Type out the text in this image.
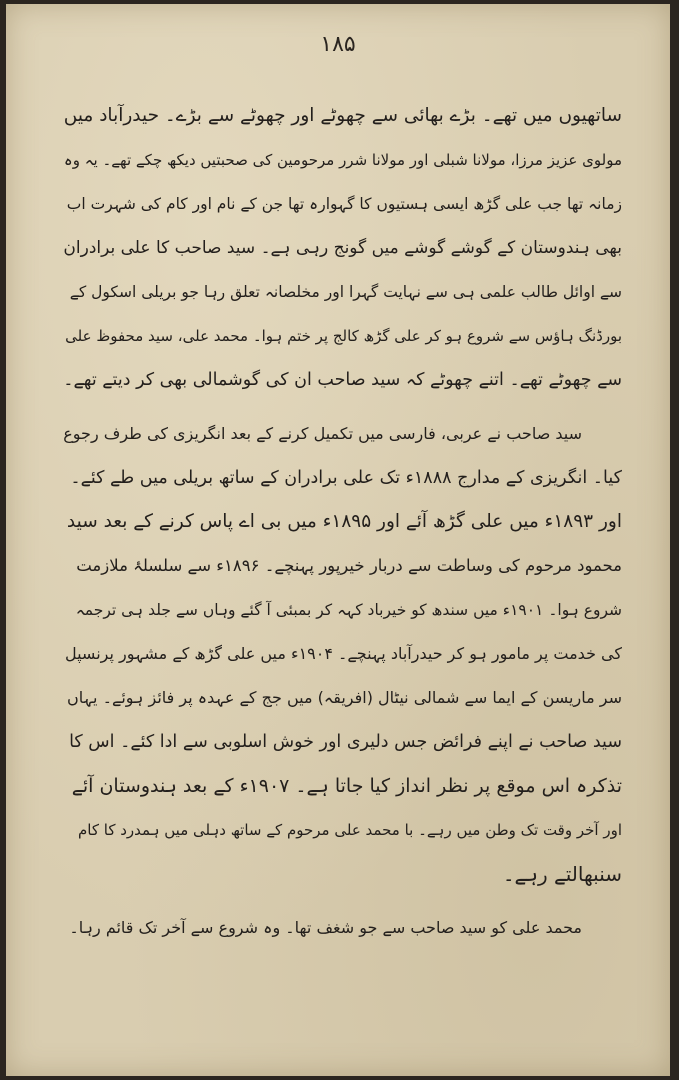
۱۸۵
ساتھیوں میں تھے۔ بڑے بھائی سے چھوٹے اور چھوٹے سے بڑے۔ حیدرآباد میں
مولوی عزیز مرزا، مولانا شبلی اور مولانا شرر مرحومین کی صحبتیں دیکھ چکے تھے۔ یہ وہ
زمانہ تھا جب علی گڑھ ایسی ہستیوں کا گہوارہ تھا جن کے نام اور کام کی شہرت اب
بھی ہندوستان کے گوشے گوشے میں گونج رہی ہے۔ سید صاحب کا علی برادران
سے اوائل طالب علمی ہی سے نہایت گہرا اور مخلصانہ تعلق رہا جو بریلی اسکول کے
بورڈنگ ہاؤس سے شروع ہو کر علی گڑھ کالج پر ختم ہوا۔ محمد علی، سید محفوظ علی
سے چھوٹے تھے۔ اتنے چھوٹے کہ سید صاحب ان کی گوشمالی بھی کر دیتے تھے۔
سید صاحب نے عربی، فارسی میں تکمیل کرنے کے بعد انگریزی کی طرف رجوع
کیا۔ انگریزی کے مدارج ۱۸۸۸ء تک علی برادران کے ساتھ بریلی میں طے کئے۔
اور ۱۸۹۳ء میں علی گڑھ آئے اور ۱۸۹۵ء میں بی اے پاس کرنے کے بعد سید
محمود مرحوم کی وساطت سے دربار خیرپور پہنچے۔ ۱۸۹۶ء سے سلسلۂ ملازمت
شروع ہوا۔ ۱۹۰۱ء میں سندھ کو خیرباد کہہ کر بمبئی آ گئے وہاں سے جلد ہی ترجمہ
کی خدمت پر مامور ہو کر حیدرآباد پہنچے۔ ۱۹۰۴ء میں علی گڑھ کے مشہور پرنسپل
سر ماریسن کے ایما سے شمالی نیٹال (افریقہ) میں جج کے عہدہ پر فائز ہوئے۔ یہاں
سید صاحب نے اپنے فرائض جس دلیری اور خوش اسلوبی سے ادا کئے۔ اس کا
تذکرہ اس موقع پر نظر انداز کیا جاتا ہے۔ ۱۹۰۷ء کے بعد ہندوستان آئے
اور آخر وقت تک وطن میں رہے۔ با محمد علی مرحوم کے ساتھ دہلی میں ہمدرد کا کام
سنبھالتے رہے۔
محمد علی کو سید صاحب سے جو شغف تھا۔ وہ شروع سے آخر تک قائم رہا۔
